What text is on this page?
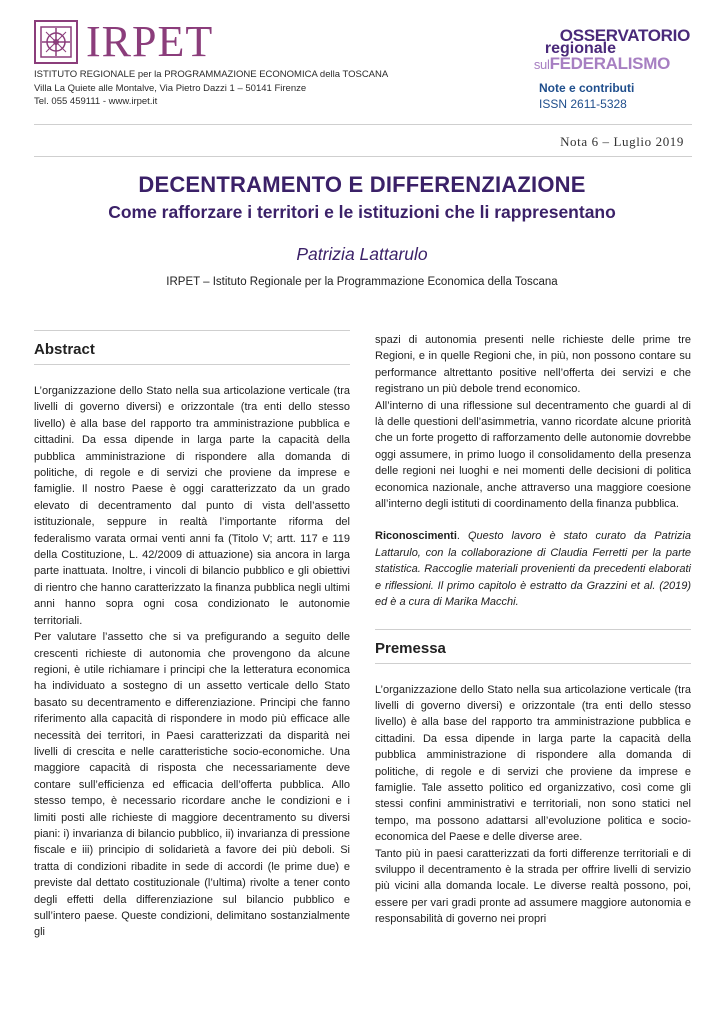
IRPET
ISTITUTO REGIONALE per la PROGRAMMAZIONE ECONOMICA della TOSCANA
Villa La Quiete alle Montalve, Via Pietro Dazzi 1 – 50141 Firenze
Tel. 055 459111 - www.irpet.it
OSSERVATORIO
regionale
sulFEDERALISMO
Note e contributi
ISSN 2611-5328
Nota 6 – Luglio 2019
DECENTRAMENTO E DIFFERENZIAZIONE
Come rafforzare i territori e le istituzioni che li rappresentano
Patrizia Lattarulo
IRPET – Istituto Regionale per la Programmazione Economica della Toscana
Abstract

L’organizzazione dello Stato nella sua articolazione verticale (tra livelli di governo diversi) e orizzontale (tra enti dello stesso livello) è alla base del rapporto tra amministrazione pubblica e cittadini. Da essa dipende in larga parte la capacità della pubblica amministrazione di rispondere alla domanda di politiche, di regole e di servizi che proviene da imprese e famiglie. Il nostro Paese è oggi caratterizzato da un grado elevato di decentramento dal punto di vista dell’assetto istituzionale, seppure in realtà l’importante riforma del federalismo varata ormai venti anni fa (Titolo V; artt. 117 e 119 della Costituzione, L. 42/2009 di attuazione) sia ancora in larga parte inattuata. Inoltre, i vincoli di bilancio pubblico e gli obiettivi di rientro che hanno caratterizzato la finanza pubblica negli ultimi anni hanno sopra ogni cosa condizionato le autonomie territoriali.

Per valutare l’assetto che si va prefigurando a seguito delle crescenti richieste di autonomia che provengono da alcune regioni, è utile richiamare i principi che la letteratura economica ha individuato a sostegno di un assetto verticale dello Stato basato su decentramento e differenziazione. Principi che fanno riferimento alla capacità di rispondere in modo più efficace alle necessità dei territori, in Paesi caratterizzati da disparità nei livelli di crescita e nelle caratteristiche socio-economiche. Una maggiore capacità di risposta che necessariamente deve contare sull’efficienza ed efficacia dell’offerta pubblica. Allo stesso tempo, è necessario ricordare anche le condizioni e i limiti posti alle richieste di maggiore decentramento su diversi piani: i) invarianza di bilancio pubblico, ii) invarianza di pressione fiscale e iii) principio di solidarietà a favore dei più deboli. Si tratta di condizioni ribadite in sede di accordi (le prime due) e previste dal dettato costituzionale (l’ultima) rivolte a tener conto degli effetti della differenziazione sul bilancio pubblico e sull’intero paese. Queste condizioni, delimitano sostanzialmente gli

spazi di autonomia presenti nelle richieste delle prime tre Regioni, e in quelle Regioni che, in più, non possono contare su performance altrettanto positive nell’offerta dei servizi e che registrano un più debole trend economico.

All’interno di una riflessione sul decentramento che guardi al di là delle questioni dell’asimmetria, vanno ricordate alcune priorità che un forte progetto di rafforzamento delle autonomie dovrebbe oggi assumere, in primo luogo il consolidamento della presenza delle regioni nei luoghi e nei momenti delle decisioni di politica economica nazionale, anche attraverso una maggiore coesione all’interno degli istituti di coordinamento della finanza pubblica.

Riconoscimenti. Questo lavoro è stato curato da Patrizia Lattarulo, con la collaborazione di Claudia Ferretti per la parte statistica. Raccoglie materiali provenienti da precedenti elaborati e riflessioni. Il primo capitolo è estratto da Grazzini et al. (2019) ed è a cura di Marika Macchi.

Premessa

L’organizzazione dello Stato nella sua articolazione verticale (tra livelli di governo diversi) e orizzontale (tra enti dello stesso livello) è alla base del rapporto tra amministrazione pubblica e cittadini. Da essa dipende in larga parte la capacità della pubblica amministrazione di rispondere alla domanda di politiche, di regole e di servizi che proviene da imprese e famiglie. Tale assetto politico ed organizzativo, così come gli stessi confini amministrativi e territoriali, non sono statici nel tempo, ma possono adattarsi all’evoluzione politica e socio-economica del Paese e delle diverse aree.

Tanto più in paesi caratterizzati da forti differenze territoriali e di sviluppo il decentramento è la strada per offrire livelli di servizio più vicini alla domanda locale. Le diverse realtà possono, poi, essere per vari gradi pronte ad assumere maggiore autonomia e responsabilità di governo nei propri
